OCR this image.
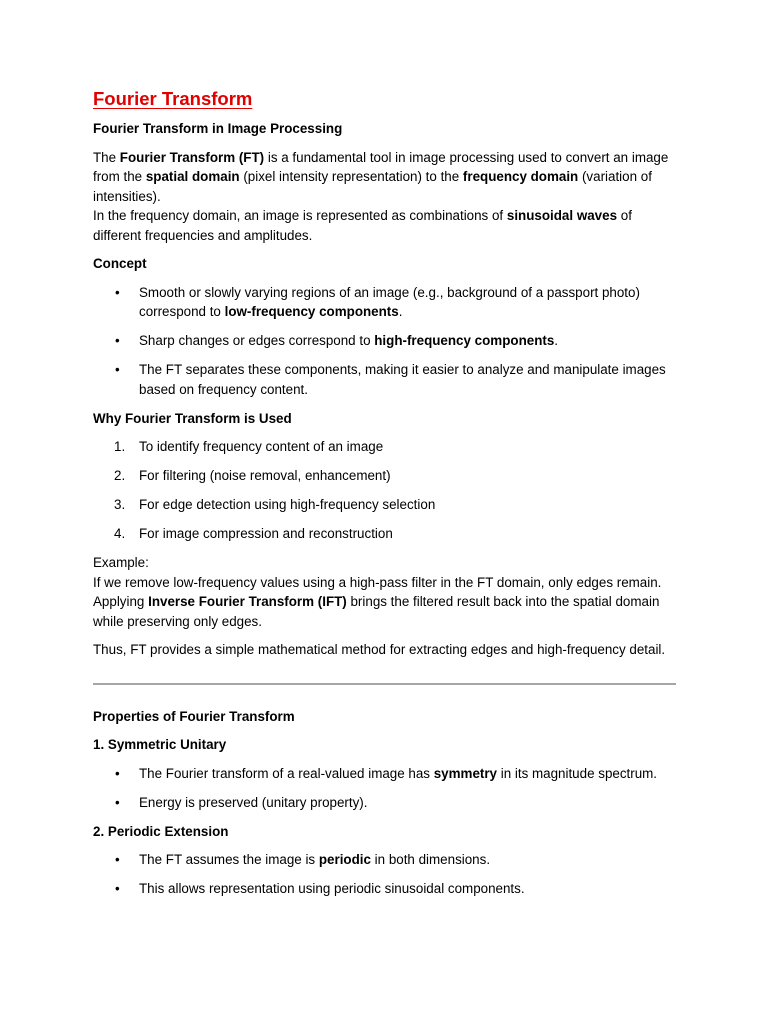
Fourier Transform
Fourier Transform in Image Processing
The Fourier Transform (FT) is a fundamental tool in image processing used to convert an image from the spatial domain (pixel intensity representation) to the frequency domain (variation of intensities).
In the frequency domain, an image is represented as combinations of sinusoidal waves of different frequencies and amplitudes.
Concept
• Smooth or slowly varying regions of an image (e.g., background of a passport photo) correspond to low-frequency components.
• Sharp changes or edges correspond to high-frequency components.
• The FT separates these components, making it easier to analyze and manipulate images based on frequency content.
Why Fourier Transform is Used
1. To identify frequency content of an image
2. For filtering (noise removal, enhancement)
3. For edge detection using high-frequency selection
4. For image compression and reconstruction
Example:
If we remove low-frequency values using a high-pass filter in the FT domain, only edges remain. Applying Inverse Fourier Transform (IFT) brings the filtered result back into the spatial domain while preserving only edges.
Thus, FT provides a simple mathematical method for extracting edges and high-frequency detail.
Properties of Fourier Transform
1. Symmetric Unitary
• The Fourier transform of a real-valued image has symmetry in its magnitude spectrum.
• Energy is preserved (unitary property).
2. Periodic Extension
• The FT assumes the image is periodic in both dimensions.
• This allows representation using periodic sinusoidal components.
